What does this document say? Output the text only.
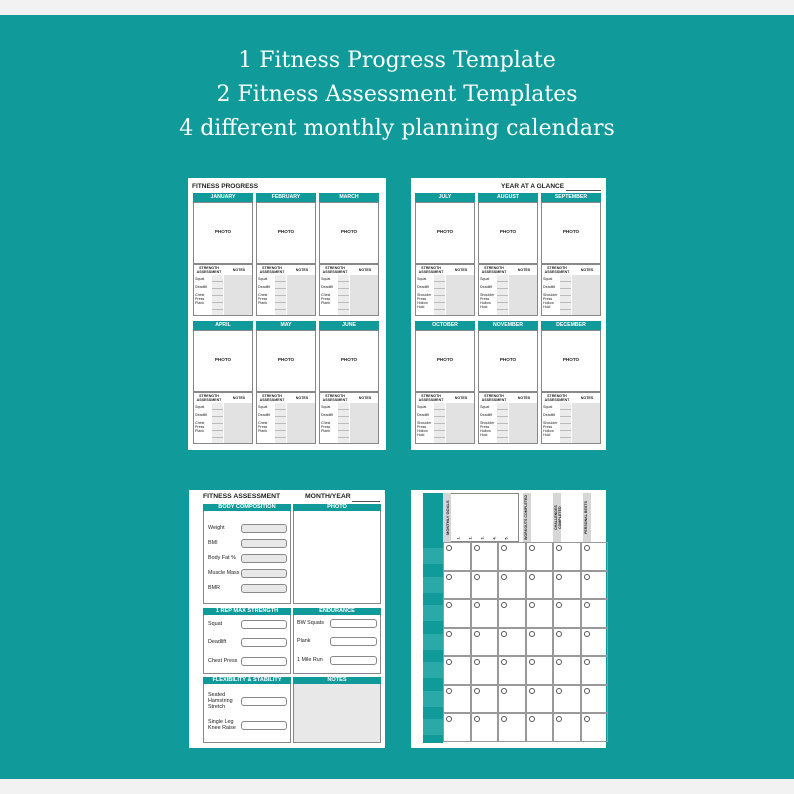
1 Fitness Progress Template
2 Fitness Assessment Templates
4 different monthly planning calendars
FITNESS PROGRESS
JANUARY
PHOTO
STRENGTH ASSESSMENT	NOTES
Squat
Deadlift
Chest Press
Plank
FEBRUARY
PHOTO
STRENGTH ASSESSMENT	NOTES
Squat
Deadlift
Chest Press
Plank
MARCH
PHOTO
STRENGTH ASSESSMENT	NOTES
Squat
Deadlift
Chest Press
Plank
APRIL
PHOTO
STRENGTH ASSESSMENT	NOTES
Squat
Deadlift
Chest Press
Plank
MAY
PHOTO
STRENGTH ASSESSMENT	NOTES
Squat
Deadlift
Chest Press
Plank
JUNE
PHOTO
STRENGTH ASSESSMENT	NOTES
Squat
Deadlift
Chest Press
Plank
YEAR AT A GLANCE
JULY
PHOTO
STRENGTH ASSESSMENT	NOTES
Squat
Deadlift
Shoulder Press
Hollow Hold
AUGUST
PHOTO
STRENGTH ASSESSMENT	NOTES
Squat
Deadlift
Shoulder Press
Hollow Hold
SEPTEMBER
PHOTO
STRENGTH ASSESSMENT	NOTES
Squat
Deadlift
Shoulder Press
Hollow Hold
OCTOBER
PHOTO
STRENGTH ASSESSMENT	NOTES
Squat
Deadlift
Shoulder Press
Hollow Hold
NOVEMBER
PHOTO
STRENGTH ASSESSMENT	NOTES
Squat
Deadlift
Shoulder Press
Hollow Hold
DECEMBER
PHOTO
STRENGTH ASSESSMENT	NOTES
Squat
Deadlift
Shoulder Press
Hollow Hold
FITNESS ASSESSMENT	MONTH/YEAR
BODY COMPOSITION	PHOTO
Weight
BMI
Body Fat %
Muscle Mass
BMR
1 REP MAX STRENGTH	ENDURANCE
Squat
Deadlift
Chest Press
BW Squats
Plank
1 Mile Run
FLEXIBILITY & STABILITY	NOTES
Seated Hamstring Stretch
Single Leg Knee Raise
MONTHLY GOALS	WORKOUTS COMPLETED	CHALLENGES COMPLETED	PERSONAL BESTS
1. 2. 3. 4. 5.
